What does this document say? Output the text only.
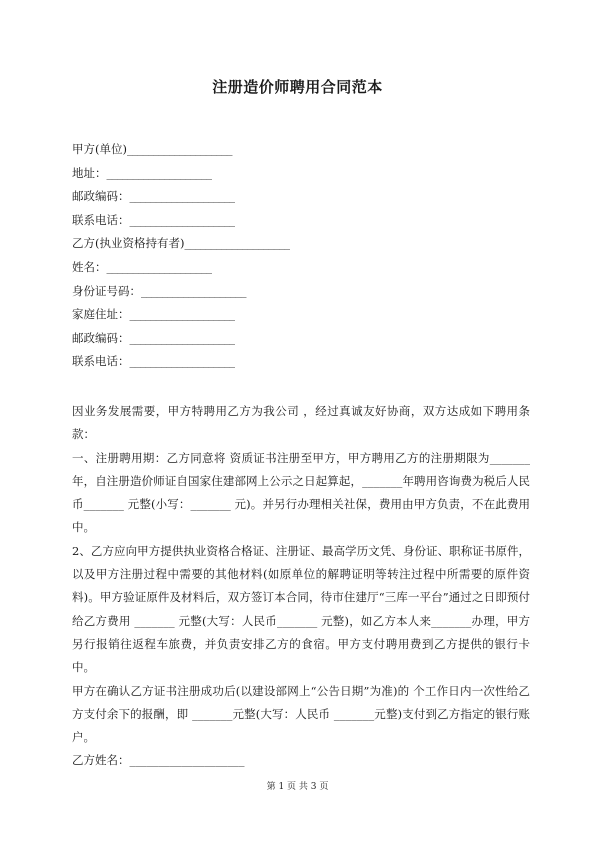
注册造价师聘用合同范本
甲方(单位)____________________
地址：____________________
邮政编码：____________________
联系电话：____________________
乙方(执业资格持有者)____________________
姓名：____________________
身份证号码：____________________
家庭住址：____________________
邮政编码：____________________
联系电话：____________________

因业务发展需要，甲方特聘用乙方为我公司 ，经过真诚友好协商，双方达成如下聘用条款：

一、注册聘用期：乙方同意将 资质证书注册至甲方，甲方聘用乙方的注册期限为_______年，自注册造价师证自国家住建部网上公示之日起算起，_______年聘用咨询费为税后人民币_______ 元整(小写：_______ 元)。并另行办理相关社保，费用由甲方负责，不在此费用中。

2、乙方应向甲方提供执业资格合格证、注册证、最高学历文凭、身份证、职称证书原件，以及甲方注册过程中需要的其他材料(如原单位的解聘证明等转注过程中所需要的原件资料)。甲方验证原件及材料后，双方签订本合同，待市住建厅“三库一平台”通过之日即预付给乙方费用 _______ 元整(大写：人民币_______ 元整)，如乙方本人来_______办理，甲方另行报销往返程车旅费，并负责安排乙方的食宿。甲方支付聘用费到乙方提供的银行卡中。

甲方在确认乙方证书注册成功后(以建设部网上“公告日期”为准)的 个工作日内一次性给乙方支付余下的报酬，即 _______元整(大写：人民币 _______元整)支付到乙方指定的银行账户。

乙方姓名：____________________

第 1 页 共 3 页
